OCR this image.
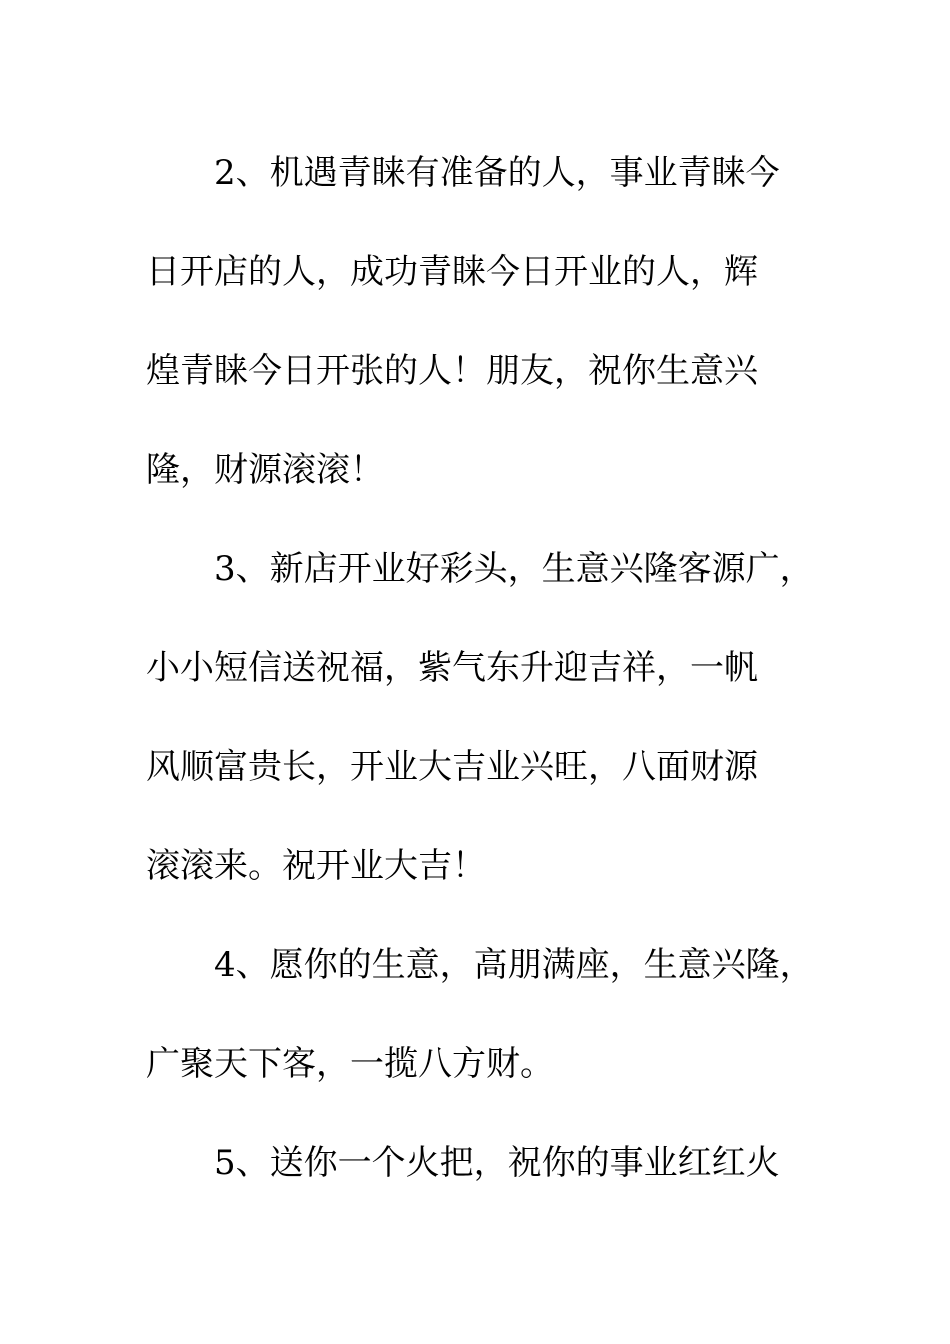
2、机遇青睐有准备的人，事业青睐今
日开店的人，成功青睐今日开业的人，辉
煌青睐今日开张的人！朋友，祝你生意兴
隆，财源滚滚！
3、新店开业好彩头，生意兴隆客源广，
小小短信送祝福，紫气东升迎吉祥，一帆
风顺富贵长，开业大吉业兴旺，八面财源
滚滚来。祝开业大吉！
4、愿你的生意，高朋满座，生意兴隆，
广聚天下客，一揽八方财。
5、送你一个火把，祝你的事业红红火
